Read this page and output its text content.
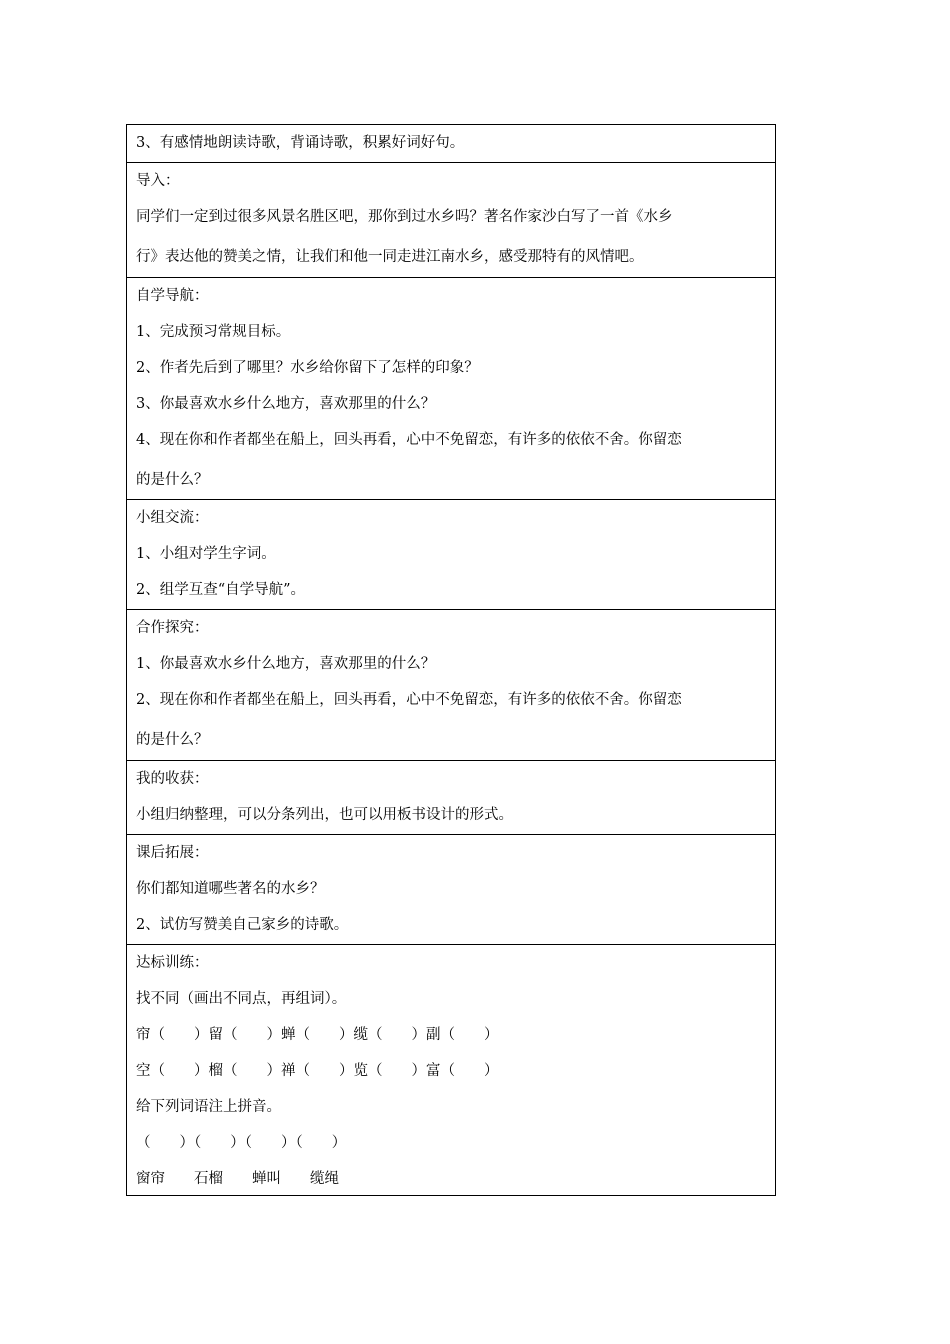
3、有感情地朗读诗歌，背诵诗歌，积累好词好句。

导入：
同学们一定到过很多风景名胜区吧，那你到过水乡吗？著名作家沙白写了一首《水乡
行》表达他的赞美之情，让我们和他一同走进江南水乡，感受那特有的风情吧。

自学导航：
1、完成预习常规目标。
2、作者先后到了哪里？水乡给你留下了怎样的印象？
3、你最喜欢水乡什么地方，喜欢那里的什么？
4、现在你和作者都坐在船上，回头再看，心中不免留恋，有许多的依依不舍。你留恋
的是什么？

小组交流：
1、小组对学生字词。
2、组学互查“自学导航”。

合作探究：
1、你最喜欢水乡什么地方，喜欢那里的什么？
2、现在你和作者都坐在船上，回头再看，心中不免留恋，有许多的依依不舍。你留恋
的是什么？

我的收获：
小组归纳整理，可以分条列出，也可以用板书设计的形式。

课后拓展：
你们都知道哪些著名的水乡？
2、试仿写赞美自己家乡的诗歌。

达标训练：
找不同（画出不同点，再组词）。
帘（　　）留（　　）蝉（　　）缆（　　）副（　　）
空（　　）榴（　　）禅（　　）览（　　）富（　　）
给下列词语注上拼音。
（　　）（　　）（　　）（　　）
窗帘　　石榴　　蝉叫　　缆绳
